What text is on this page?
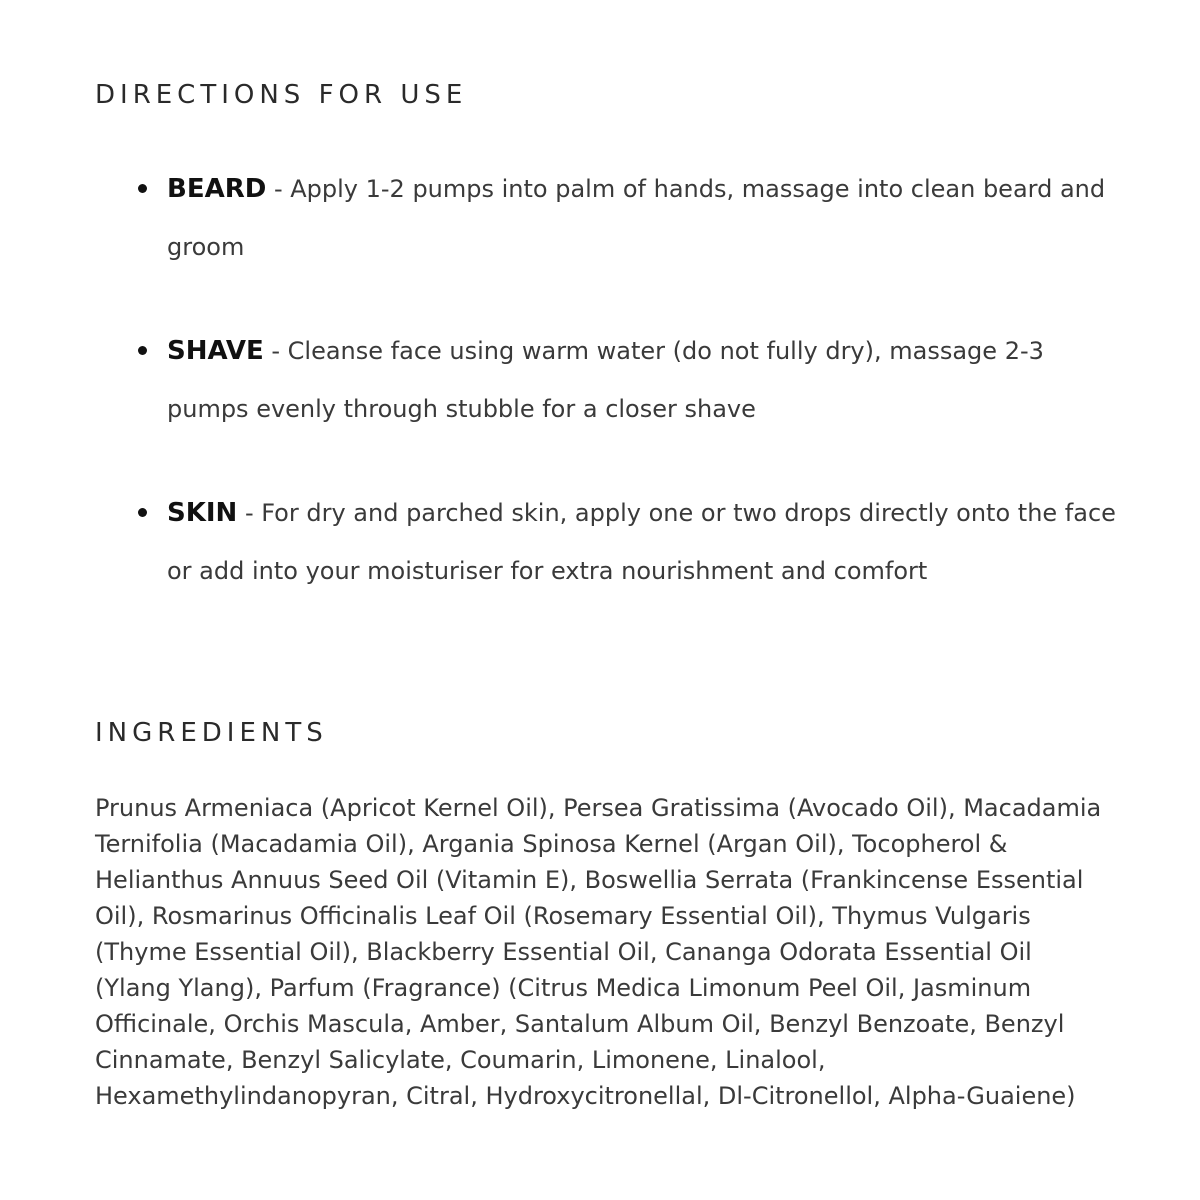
DIRECTIONS FOR USE
BEARD - Apply 1-2 pumps into palm of hands, massage into clean beard and groom
SHAVE - Cleanse face using warm water (do not fully dry), massage 2-3 pumps evenly through stubble for a closer shave
SKIN - For dry and parched skin, apply one or two drops directly onto the face or add into your moisturiser for extra nourishment and comfort
INGREDIENTS

Prunus Armeniaca (Apricot Kernel Oil), Persea Gratissima (Avocado Oil), Macadamia Ternifolia (Macadamia Oil), Argania Spinosa Kernel (Argan Oil), Tocopherol & Helianthus Annuus Seed Oil (Vitamin E), Boswellia Serrata (Frankincense Essential Oil), Rosmarinus Officinalis Leaf Oil (Rosemary Essential Oil), Thymus Vulgaris (Thyme Essential Oil), Blackberry Essential Oil, Cananga Odorata Essential Oil (Ylang Ylang), Parfum (Fragrance) (Citrus Medica Limonum Peel Oil, Jasminum Officinale, Orchis Mascula, Amber, Santalum Album Oil, Benzyl Benzoate, Benzyl Cinnamate, Benzyl Salicylate, Coumarin, Limonene, Linalool, Hexamethylindanopyran, Citral, Hydroxycitronellal, Dl-Citronellol, Alpha-Guaiene)
